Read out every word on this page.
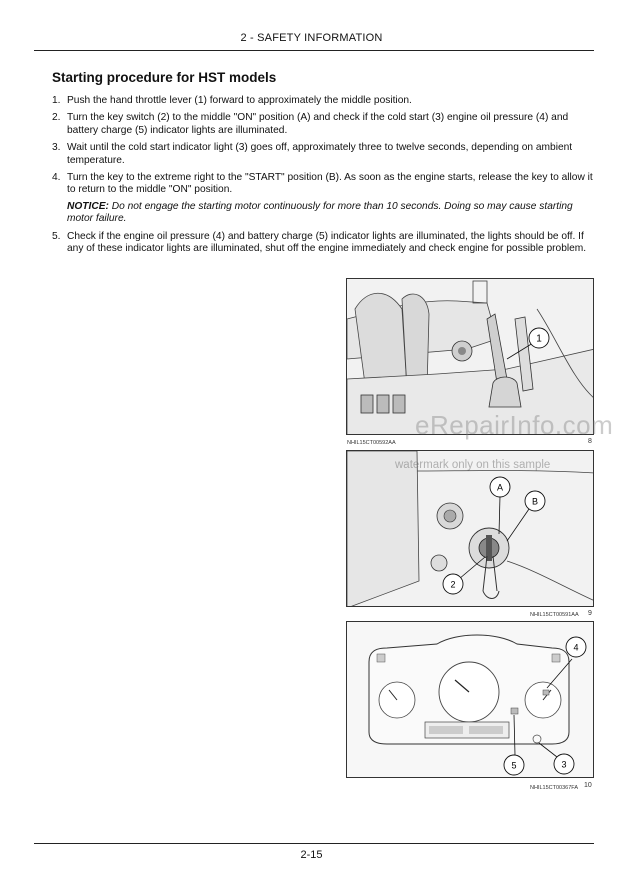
2 - SAFETY INFORMATION
Starting procedure for HST models
1. Push the hand throttle lever (1) forward to approximately the middle position.
2. Turn the key switch (2) to the middle "ON" position (A) and check if the cold start (3) engine oil pressure (4) and battery charge (5) indicator lights are illuminated.
3. Wait until the cold start indicator light (3) goes off, approximately three to twelve seconds, depending on ambient temperature.
4. Turn the key to the extreme right to the "START" position (B). As soon as the engine starts, release the key to allow it to return to the middle "ON" position.
NOTICE: Do not engage the starting motor continuously for more than 10 seconds. Doing so may cause starting motor failure.
5. Check if the engine oil pressure (4) and battery charge (5) indicator lights are illuminated, the lights should be off. If any of these indicator lights are illuminated, shut off the engine immediately and check engine for possible problem.
1
NHIL15CT00592AA	8
A
B
2
NHIL15CT00591AA 9
4
5	3
NHIL15CT00367FA 10
eRepairInfo.com
watermark only on this sample
2-15
